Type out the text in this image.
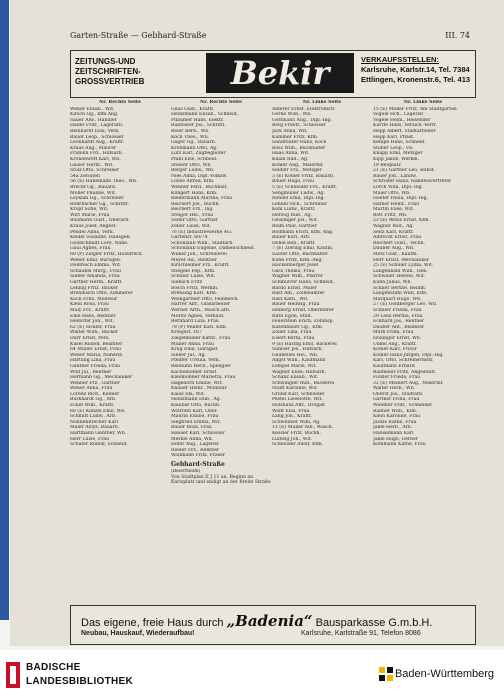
Garten-Straße — Gebhard-Straße	III. 74
ZEITUNGS-UND
ZEITSCHRIFTEN-
GROSSVERTRIEB	Bekir	VERKAUFSSTELLEN:
Karlsruhe, Karlstr.14, Tel. 7384
Ettlingen, Kronenstr.6, Tel. 413
Nr. Rechte Seite
Weber Elisab., Wit.
Kirsch Gg., kfm.Ang.
Sauer Alw., Händler
Haller Frdr., Lagerarb.
Reinhardt Elsa, Verk.
Bauer Leop., Schlosser
Leonhardt Aug., Kraftf.
Kraus Aug., Maurer
Fridolin Frd., Hilfsarb.
Kronenwett Karl, Wb.
Gaiser Herm., Wit.
Stolz Otto, Schreiner
54a Zeroiten
56 (E) Hanemann Theo., Wb.
Brecht Gg., Bauarb.
Möller Pauline, Wit.
Leykam Gg., Schreiner
Rohrbacher Gg., Schriftr.
Kropf Sofie, Wit.
Wirt Marie, Frau
Baumann Gust., Oberarb.
Kraus Josef, Angest.
Pendel Anna, Verk.
Keidel Susanne, Hausgeh.
Goldschmidt Lore, Nähe.
Gaul Agnes, Frau
60 (P) Ziegler Fritz, Holzdrech.
Weber Emil, Bürogeh.
Doldreich Emma, Wit.
Schaubel Marg., Frau
Sieber Amanda, Frau
Gärtner Herm., Kraftf.
Lehnig Fritz, Bäcker
Brehmisch Otto, Zimmerer
Koch Fritz, Monteur
Klein Rosa, Frau
Maly Frz., Kraftf.
Ehle Hans, Rentner
Hedorfer Joh., Wit.
62 (E) Sickler, Frau
Walter Wilh., Bäcker
Dürr Ernst, Pers.
Kusel Rudolf, Beamter
64 Müller Ernst, Frau
Weber Maria, Näherin
Hartung Lina, Frau
Günther Frieda, Frau
Wolf Jul., Rentner
Hermann Gg., Mechaniker
Wenner Frz., Gärtner
Weber Anna, Frau
Lorenz Rich., Kellner
Burkhardt Gg., Arb.
Eckel Wilh., Kraftf.
68 (E) Kunzel Emil, Wb.
Schmitt Ludw., Arb.
Nonnenbrecher Karl
Maier Aloys, Bauarb.
Hartmann Günther, Wb.
Herr Luise, Frau
Schäfer Rudolf, Schneid.
Nr. Rechte Seite
Gaus Gust., Kraftf.
Heinzmann Elisab., Schneid.
Pflaumer Hans, Elektr.
Rabhuber Jos., Schriftl.
Beier Bern., Wb.
Koch Theo., Wb.
Gäger Gg., Bauarb.
Kronmann Otto, Ag.
Lutz Karl, Zugbegleiter
Pfahl Else, Schneid.
Steiner Otto, Wb.
Berger Ludw., Wb.
Nies Anna, Dipl.-Volksw.
Lohse Alfred, Kfm.
Wenner Ferd., Buchhalt.
Klingert Hans, Kfm.
Biedermann Martha, Frau
Reichert Jos., Buchh.
Reichert Frz., Ing.
Steiger Hel., Frau
Seifer Otto, Gärtner
Zeller Luise, Wit.
76 (E) Industriewerke AG.
Gartenst. 60/74
Schönlaub Wilh., Stadtarb.
Schönlaub Eugenie, Damenschneid.
Wilker Joh., Schreinerei
Meyer Ad., Rentner
Kirschleimer Frz., Kraftf.
Stiegele Fep., Kfm.
Schuler Luise, Wit.
Siebach Fritz
Bosch Fritz, Werkm.
Brensing Karl, Kfm.
Weingärtner Otto, Feinmech.
Harrer Alfr., Glasarbeiter
Werner Arth., Masch.arb.
Moritz Agnes, Verkäuf.
Bernhard Lina, Frau
78 (P) Müller Karl, Kfm.
Kriegsst. 167
Ziegelmüller Kathr., Frau
Müller Anna, Frau
Krug Emil, Garagist
Sieber Jul., Ag.
Pfeiffer Ursula, Verk.
Rebhuhn Herb., Spengler
Kachelhöfner Ernst
Kleinböhner Marietta, Frau
Hagedorn Emilie, Wit.
Knauer Heinr., Monteur
Kaise Ida, Wit.
Heinzmann Hub., Ag.
Kaulbar Otto, Buchh.
Wolfrath Karl, Ober.
Maurin Emilie, Frau
Siegfried Emma, Wit.
Bauer Rosa, Frau
Hauser Karl, Schlosser
Merkle Anna, Wit.
Höfer Aug., Lagerist
Rieder Frz., Rentner
Wollmann Fritz, Fräser
Gebhard-Straße
(Beiertheim)
Von Stadtplan II J 11 an, Beginn an Karlsplatz und endigt an der Breite Straße
Nr. Linke Seite
Alderer Ernst, Elektromstr.
Görke Wilh., Wb.
Gottmann Aug., Dipl.-Ing.
Berg Friedr., Schlosser
Jäck Anna, Wit.
Kummer Fritz, Kfm.
Sandreuter Hans, Koch
Ross Wilh., Buchhalter
Haas Anna, Wit.
Kilian Rud., Ag.
Köhler Aug., Malerhlf.
Seidler Frz., Metzger
3 (E) Kohler Fritz, Bauarb.
Bauer Hugo, Frau
5 (E) Schneider Frz., Kraftf.
Sengmüller Ludw., Ag.
Rondel Emil, Dipl.-Ing.
Lehner Hch., Schreiner
Kohl Ludw., Kraftf.
Herzog Rud., Ag.
Geislinger Jos., Wit.
Blum Paul, Gärtner
Bodmann Erich, kfm. Ang.
Bauer Karl, Arb.
Dohle Rob., Kraftf.
7 (E) Ziering Emil, Kaufm.
Sauter Otto, Buchhalter
Kühn Fritz, Kfm.-Ang.
Hackenberger Josef
Gass Thekla, Frau
Wagner Wilh., Pfarrer
Schmürrer Hans, Schneid.
Bardo Ernst, Maler
Rast Alb., Zollbeamter
Rast Kath., Wit.
Bauer Hedwig, Frau
Helberg Ernst, Oberlehrer
Ruth Egon, Stud.
Feuerstein Erich, Zollinsp.
Kasenbauer Gg., Kfm.
Zöller Lina, Frau
Eisert Berta, Frau
9 (E) Häring Emil, Bäckerei
Sumser Jos., Hilfsarb.
Gaubeiles Hei., Wb.
Angst Wilh., Kaufmann
Lempel Marie, Wit.
Wagner Elise, Hilfsarb.
Schanz Elisab., Wit.
Schwingler Rud., Bäckerei
Stadt Karoline, Wit.
Grund Karl, Schneider
Pestel Lieselotte, Wit.
Holzhaus Alfr., Drogist
Wolff Elsa, Frau
Lang Joh., Kraftf.
Schweitzer Willi, Ag.
11 (E) Müller Alb., Wäsch.
Kessler Fritz, Buchh.
Ludwig Joh., Wit.
Schneider Adolf, Kfm.
Nr. Linke Seite
15 (E) Müller Fritz, Am Stadtgarten
Vögele Hch., Lagerist
Vögele Helm., Reisender
Kurrle Hans, Versich.-Vertr.
Hepp Albert, Stadtarbeiter
Hepp Karl, Pflast.
Kempe Hans, Schneid.
Stober Leop., Vb.
Knapp Emil, Metzger
Kipp Jakob, Werkm.
19 Beuplatz
21 (E) Gärtner Leo, selbst.
Bauer Joh., Landw.
Schröder Hans, Handelsvertreter
Lorch Willi, Dipl.-Ing.
Maier Otto, Wb.
Hoefer Paula, Dipl.-Ing.
Hafner Heinr., Frau
Martin Elise, Wit.
Bott Fritz, Wb.
23 (E) Weiss Ernst, Kfm.
Wagner Rud., Ag.
Seitz Karl, Kraftf.
Albrecht Ernst, Frau
Reichert Gust., Techn.
Dauber Aug., Wit.
Metz Gust., Kaufm.
Herr Ernst, Mechaniker
25 (E) Schüler Lydia, Wit.
Langenbahl Wilh., Dek.
Schwaier Helene, Wit.
Kuhn Julius, Wb.
Schiler Berthe, Reinm.
Langenstahl Willi, Kfm.
Marquart Hugo, Wb.
27 (E) Goldberger Leo, Wb.
Schiller Frieda, Frau
29 Lenz Bertha, Frau
Eckhard Jos., Rentner
Dauber Ant., Beamter
Mark Frida, Frau
Hollinger Ernst, Wb.
Unkel Aug., Kraftf.
Köhler Karl, Frisör
Köhler Hans-Jürgen, Dipl.-Ing.
Karl, Otto, Schreinermstr.
Kaufmann Erhard
Ballmeier Fritz, Angestellt.
Fickler Frieda, Frau
32 (E) Meinert Aug., Malerhlf.
Walter Herb., Wb.
Oberst Jos., Stadtarb.
Gärtner Frida, Frau
Wiedner Frdr., Schneider
Balmer Wilh., Kfm.
Klein Karoline, Frau
Jäckle Käthe, Frau
Jäkle Herb., Arb.
Hanselmann Karl
Jäkle Hugo, Gerber
Kohlmann Käthe, Frau
Das eigene, freie Haus durch „Badenia“ Bausparkasse G.m.b.H.
Neubau, Hauskauf, Wiederaufbau!	Karlsruhe, Karlstraße 91, Telefon 8086
BADISCHE
LANDESBIBLIOTHEK
Baden-Württemberg
